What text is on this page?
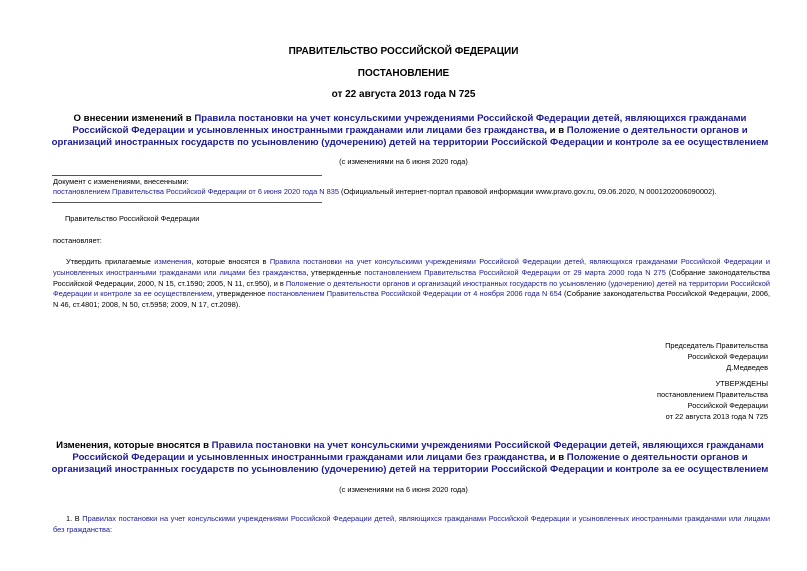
ПРАВИТЕЛЬСТВО РОССИЙСКОЙ ФЕДЕРАЦИИ
ПОСТАНОВЛЕНИЕ
от 22 августа 2013 года N 725
О внесении изменений в Правила постановки на учет консульскими учреждениями Российской Федерации детей, являющихся гражданами Российской Федерации и усыновленных иностранными гражданами или лицами без гражданства, и в Положение о деятельности органов и организаций иностранных государств по усыновлению (удочерению) детей на территории Российской Федерации и контроле за ее осуществлением
(с изменениями на 6 июня 2020 года)
Документ с изменениями, внесенными:
постановлением Правительства Российской Федерации от 6 июня 2020 года N 835 (Официальный интернет-портал правовой информации www.pravo.gov.ru, 09.06.2020, N 0001202006090002).
Правительство Российской Федерации
постановляет:
Утвердить прилагаемые изменения, которые вносятся в Правила постановки на учет консульскими учреждениями Российской Федерации детей, являющихся гражданами Российской Федерации и усыновленных иностранными гражданами или лицами без гражданства, утвержденные постановлением Правительства Российской Федерации от 29 марта 2000 года N 275 (Собрание законодательства Российской Федерации, 2000, N 15, ст.1590; 2005, N 11, ст.950), и в Положение о деятельности органов и организаций иностранных государств по усыновлению (удочерению) детей на территории Российской Федерации и контроле за ее осуществлением, утвержденное постановлением Правительства Российской Федерации от 4 ноября 2006 года N 654 (Собрание законодательства Российской Федерации, 2006, N 46, ст.4801; 2008, N 50, ст.5958; 2009, N 17, ст.2098).
Председатель Правительства
Российской Федерации
Д.Медведев
УТВЕРЖДЕНЫ
постановлением Правительства
Российской Федерации
от 22 августа 2013 года N 725
Изменения, которые вносятся в Правила постановки на учет консульскими учреждениями Российской Федерации детей, являющихся гражданами Российской Федерации и усыновленных иностранными гражданами или лицами без гражданства, и в Положение о деятельности органов и организаций иностранных государств по усыновлению (удочерению) детей на территории Российской Федерации и контроле за ее осуществлением
(с изменениями на 6 июня 2020 года)
1. В Правилах постановки на учет консульскими учреждениями Российской Федерации детей, являющихся гражданами Российской Федерации и усыновленных иностранными гражданами или лицами без гражданства:
